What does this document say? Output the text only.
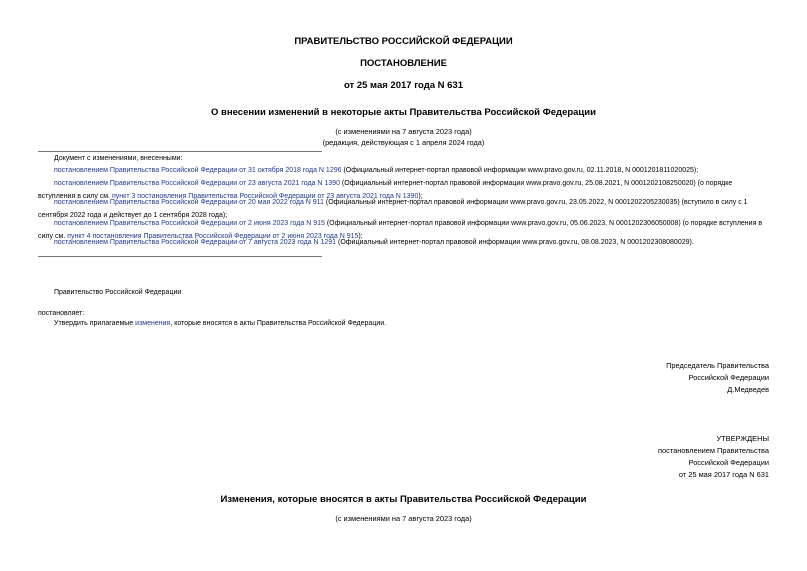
ПРАВИТЕЛЬСТВО РОССИЙСКОЙ ФЕДЕРАЦИИ
ПОСТАНОВЛЕНИЕ
от 25 мая 2017 года N 631
О внесении изменений в некоторые акты Правительства Российской Федерации
(с изменениями на 7 августа 2023 года)
(редакция, действующая с 1 апреля 2024 года)
Документ с изменениями, внесенными:
постановлением Правительства Российской Федерации от 31 октября 2018 года N 1296 (Официальный интернет-портал правовой информации www.pravo.gov.ru, 02.11.2018, N 0001201811020025);
постановлением Правительства Российской Федерации от 23 августа 2021 года N 1390 (Официальный интернет-портал правовой информации www.pravo.gov.ru, 25.08.2021, N 0001202108250020) (о порядке вступления в силу см. пункт 3 постановления Правительства Российской Федерации от 23 августа 2021 года N 1390);
постановлением Правительства Российской Федерации от 20 мая 2022 года N 911 (Официальный интернет-портал правовой информации www.pravo.gov.ru, 23.05.2022, N 0001202205230035) (вступило в силу с 1 сентября 2022 года и действует до 1 сентября 2028 года);
постановлением Правительства Российской Федерации от 2 июня 2023 года N 915 (Официальный интернет-портал правовой информации www.pravo.gov.ru, 05.06.2023, N 0001202306050008) (о порядке вступления в силу см. пункт 4 постановления Правительства Российской Федерации от 2 июня 2023 года N 915);
постановлением Правительства Российской Федерации от 7 августа 2023 года N 1291 (Официальный интернет-портал правовой информации www.pravo.gov.ru, 08.08.2023, N 0001202308080029).
Правительство Российской Федерации
постановляет:
Утвердить прилагаемые изменения, которые вносятся в акты Правительства Российской Федерации.
Председатель Правительства
Российской Федерации
Д.Медведев
УТВЕРЖДЕНЫ
постановлением Правительства
Российской Федерации
от 25 мая 2017 года N 631
Изменения, которые вносятся в акты Правительства Российской Федерации
(с изменениями на 7 августа 2023 года)
